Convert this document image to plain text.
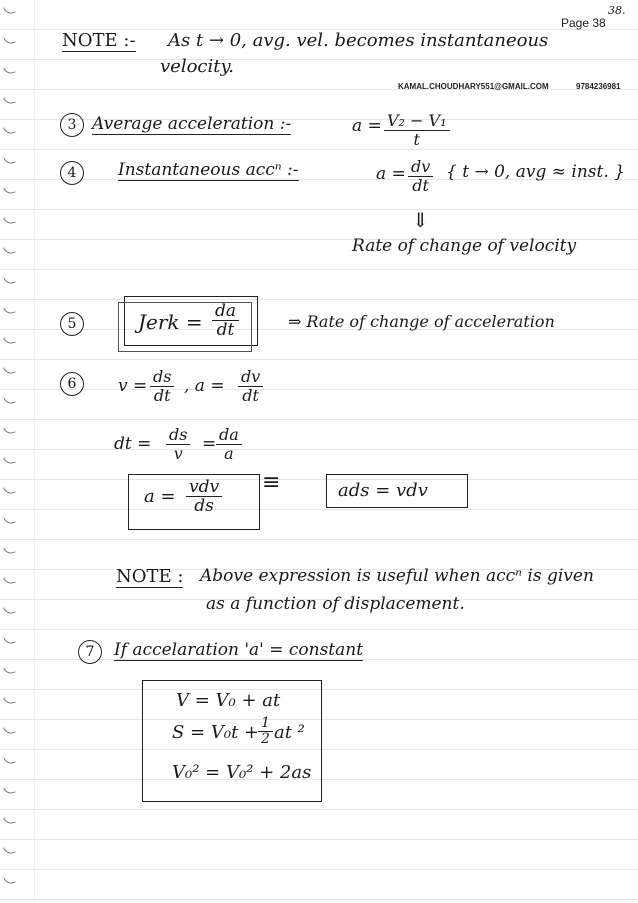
Page 38
38.
KAMAL.CHOUDHARY551@GMAIL.COM	9784236981
NOTE :- As t → 0, avg. vel. becomes instantaneous
velocity.
3 Average acceleration :-	$a = \frac{\text{V₂ − V₁}}{t}$
4	Instantaneous accⁿ :-	$a = \frac{dv}{dt}$ { t → 0, avg ≈ inst. }
⇓
Rate of change of velocity
5	Jerk = $\frac{da}{dt}$	⇒ Rate of change of acceleration
6	$v = \frac{ds}{dt}$ , $a = \frac{dv}{dt}$
dt = $\frac{ds}{v} = \frac{da}{a}$
a = vdv
ds
≡	ads = vdv
NOTE : Above expression is useful when accⁿ is given
as a function of displacement.
7	If accelaration 'a' = constant
V = V₀ + at
S = V₀t +
$\frac{1}{2}$ at ²
V₀² = V₀² + 2as
